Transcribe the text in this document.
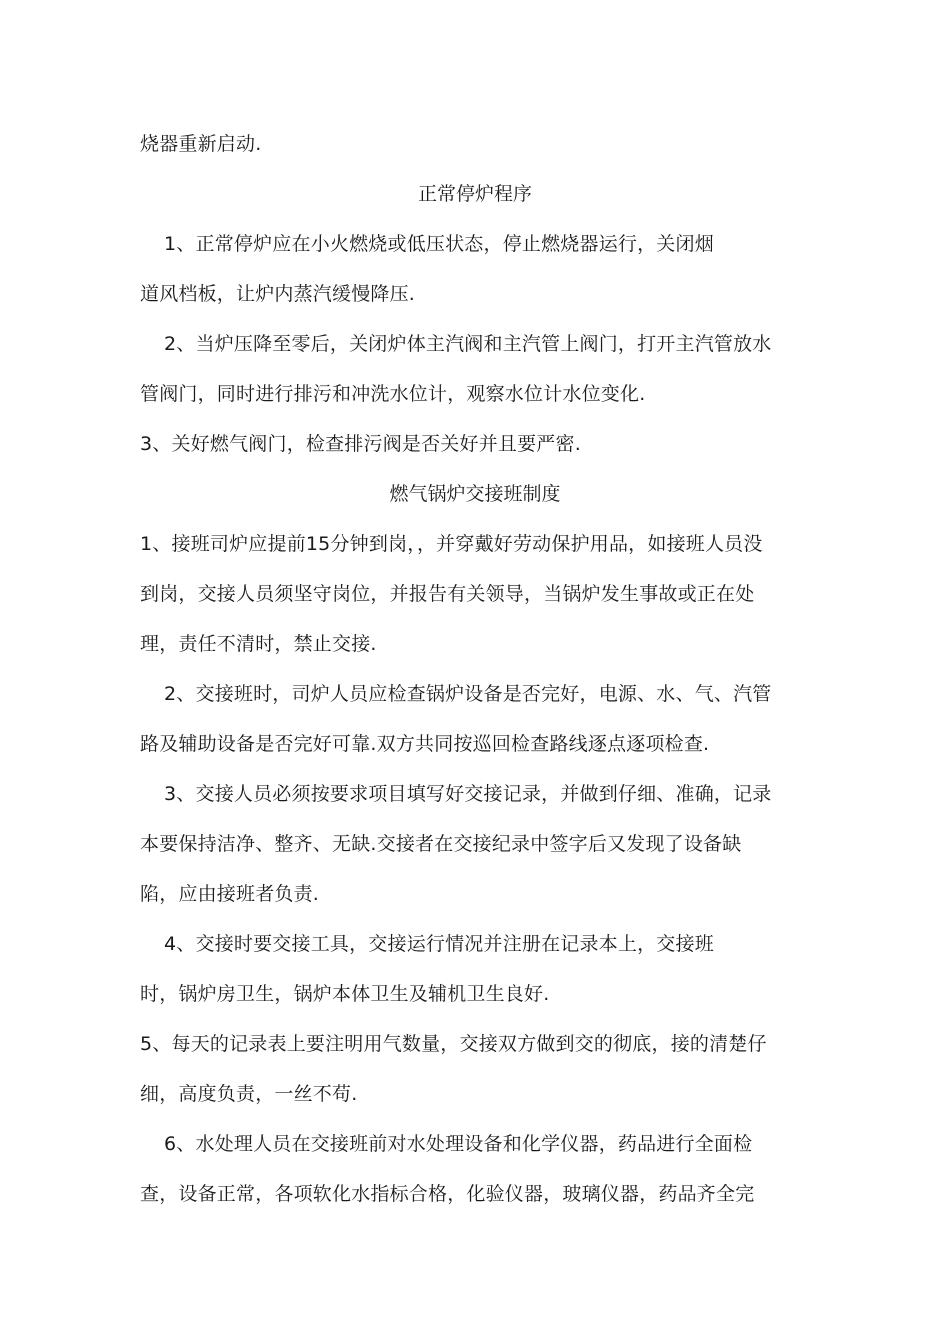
烧器重新启动.
正常停炉程序
1、正常停炉应在小火燃烧或低压状态，停止燃烧器运行，关闭烟
道风档板，让炉内蒸汽缓慢降压.
2、当炉压降至零后，关闭炉体主汽阀和主汽管上阀门，打开主汽管放水
管阀门，同时进行排污和冲洗水位计，观察水位计水位变化.
3、关好燃气阀门，检查排污阀是否关好并且要严密.
燃气锅炉交接班制度
1、接班司炉应提前15分钟到岗，，并穿戴好劳动保护用品，如接班人员没
到岗，交接人员须坚守岗位，并报告有关领导，当锅炉发生事故或正在处
理，责任不清时，禁止交接.
2、交接班时，司炉人员应检查锅炉设备是否完好，电源、水、气、汽管
路及辅助设备是否完好可靠.双方共同按巡回检查路线逐点逐项检查.
3、交接人员必须按要求项目填写好交接记录，并做到仔细、准确，记录
本要保持洁净、整齐、无缺.交接者在交接纪录中签字后又发现了设备缺
陷，应由接班者负责.
4、交接时要交接工具，交接运行情况并注册在记录本上，交接班
时，锅炉房卫生，锅炉本体卫生及辅机卫生良好.
5、每天的记录表上要注明用气数量，交接双方做到交的彻底，接的清楚仔
细，高度负责，一丝不苟.
6、水处理人员在交接班前对水处理设备和化学仪器，药品进行全面检
查，设备正常，各项软化水指标合格，化验仪器，玻璃仪器，药品齐全完
